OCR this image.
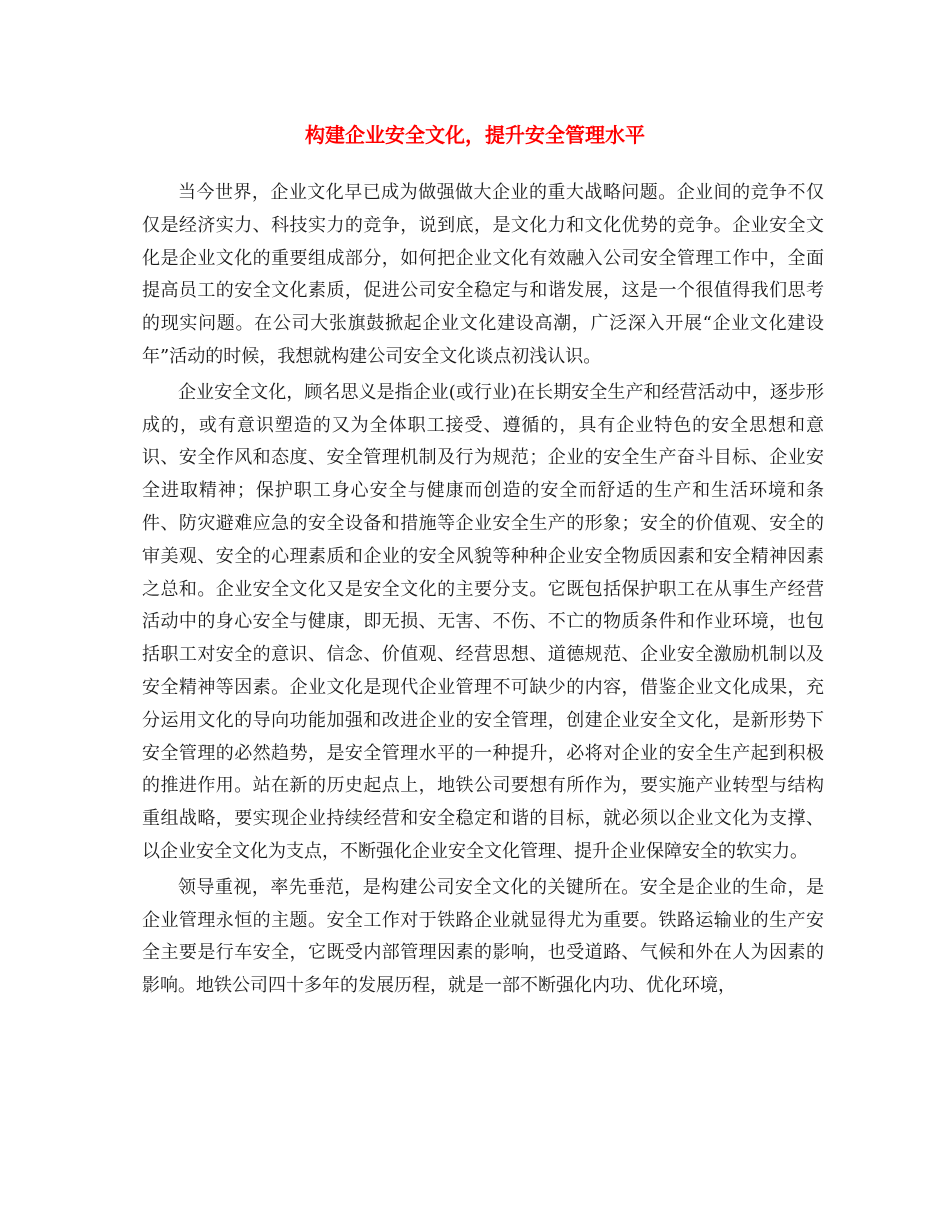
构建企业安全文化，提升安全管理水平

当今世界，企业文化早已成为做强做大企业的重大战略问题。企业间的竞争不仅仅是经济实力、科技实力的竞争，说到底，是文化力和文化优势的竞争。企业安全文化是企业文化的重要组成部分，如何把企业文化有效融入公司安全管理工作中，全面提高员工的安全文化素质，促进公司安全稳定与和谐发展，这是一个很值得我们思考的现实问题。在公司大张旗鼓掀起企业文化建设高潮，广泛深入开展“企业文化建设年”活动的时候，我想就构建公司安全文化谈点初浅认识。

企业安全文化，顾名思义是指企业(或行业)在长期安全生产和经营活动中，逐步形成的，或有意识塑造的又为全体职工接受、遵循的，具有企业特色的安全思想和意识、安全作风和态度、安全管理机制及行为规范；企业的安全生产奋斗目标、企业安全进取精神；保护职工身心安全与健康而创造的安全而舒适的生产和生活环境和条件、防灾避难应急的安全设备和措施等企业安全生产的形象；安全的价值观、安全的审美观、安全的心理素质和企业的安全风貌等种种企业安全物质因素和安全精神因素之总和。企业安全文化又是安全文化的主要分支。它既包括保护职工在从事生产经营活动中的身心安全与健康，即无损、无害、不伤、不亡的物质条件和作业环境，也包括职工对安全的意识、信念、价值观、经营思想、道德规范、企业安全激励机制以及安全精神等因素。企业文化是现代企业管理不可缺少的内容，借鉴企业文化成果，充分运用文化的导向功能加强和改进企业的安全管理，创建企业安全文化，是新形势下安全管理的必然趋势，是安全管理水平的一种提升，必将对企业的安全生产起到积极的推进作用。站在新的历史起点上，地铁公司要想有所作为，要实施产业转型与结构重组战略，要实现企业持续经营和安全稳定和谐的目标，就必须以企业文化为支撑、以企业安全文化为支点，不断强化企业安全文化管理、提升企业保障安全的软实力。

领导重视，率先垂范，是构建公司安全文化的关键所在。安全是企业的生命，是企业管理永恒的主题。安全工作对于铁路企业就显得尤为重要。铁路运输业的生产安全主要是行车安全，它既受内部管理因素的影响，也受道路、气候和外在人为因素的影响。地铁公司四十多年的发展历程，就是一部不断强化内功、优化环境，
